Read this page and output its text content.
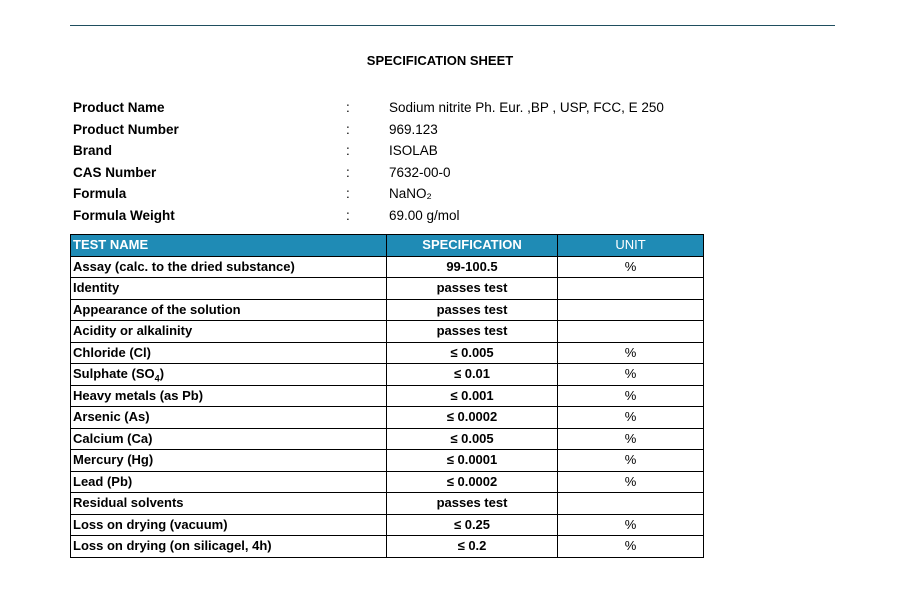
SPECIFICATION SHEET
Product Name	:	Sodium nitrite Ph. Eur. ,BP , USP, FCC, E 250
Product Number	:	969.123
Brand	:	ISOLAB
CAS Number	:	7632-00-0
Formula	:	NaNO₂
Formula Weight	:	69.00 g/mol
TEST NAME	SPECIFICATION	UNIT
Assay (calc. to the dried substance)	99-100.5	%
Identity	passes test	
Appearance of the solution	passes test	
Acidity or alkalinity	passes test	
Chloride (Cl)	≤ 0.005	%
Sulphate $(SO_4)$	≤ 0.01	%
Heavy metals (as Pb)	≤ 0.001	%
Arsenic (As)	≤ 0.0002	%
Calcium (Ca)	≤ 0.005	%
Mercury (Hg)	≤ 0.0001	%
Lead (Pb)	≤ 0.0002	%
Residual solvents	passes test	
Loss on drying (vacuum)	≤ 0.25	%
Loss on drying (on silicagel, 4h)	≤ 0.2	%
